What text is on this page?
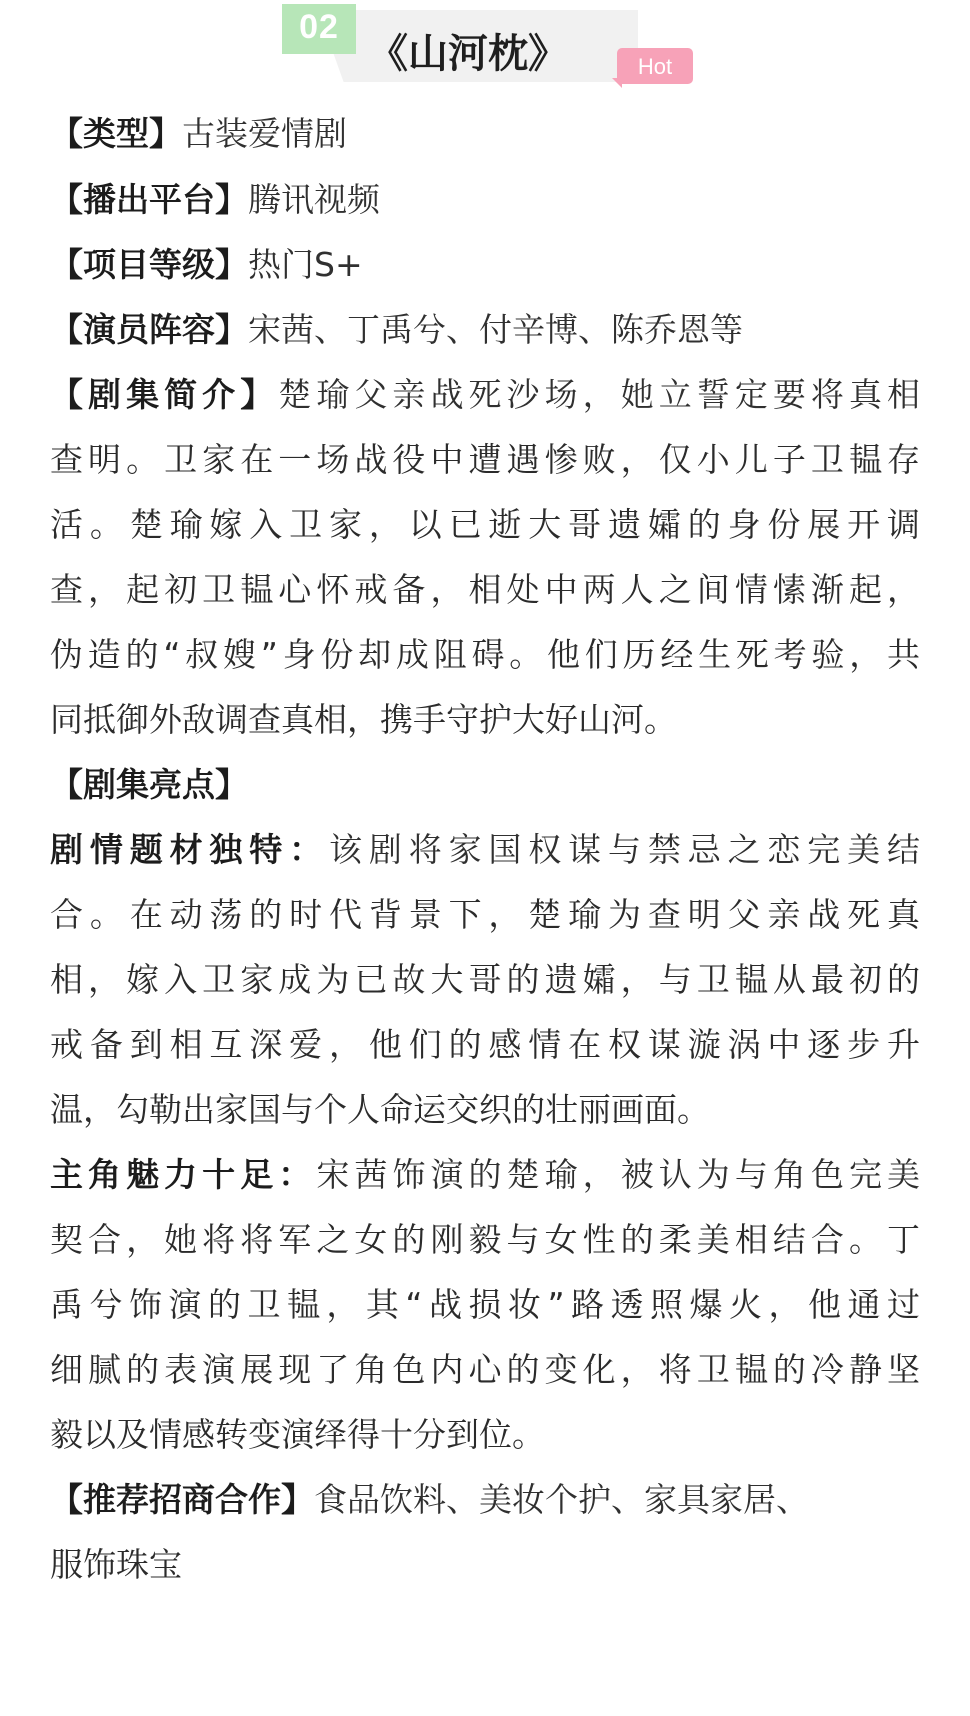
02
《山河枕》	Hot
【类型】古装爱情剧
【播出平台】腾讯视频
【项目等级】热门S+
【演员阵容】宋茜、丁禹兮、付辛博、陈乔恩等
【剧集简介】楚瑜父亲战死沙场，她立誓定要将真相
查明。卫家在一场战役中遭遇惨败，仅小儿子卫韫存
活。楚瑜嫁入卫家，以已逝大哥遗孀的身份展开调
查，起初卫韫心怀戒备，相处中两人之间情愫渐起，
伪造的“叔嫂”身份却成阻碍。他们历经生死考验，共
同抵御外敌调查真相，携手守护大好山河。
【剧集亮点】
剧情题材独特：该剧将家国权谋与禁忌之恋完美结
合。在动荡的时代背景下，楚瑜为查明父亲战死真
相，嫁入卫家成为已故大哥的遗孀，与卫韫从最初的
戒备到相互深爱，他们的感情在权谋漩涡中逐步升
温，勾勒出家国与个人命运交织的壮丽画面。
主角魅力十足：宋茜饰演的楚瑜，被认为与角色完美
契合，她将将军之女的刚毅与女性的柔美相结合。丁
禹兮饰演的卫韫，其“战损妆”路透照爆火，他通过
细腻的表演展现了角色内心的变化，将卫韫的冷静坚
毅以及情感转变演绎得十分到位。
【推荐招商合作】食品饮料、美妆个护、家具家居、
服饰珠宝
